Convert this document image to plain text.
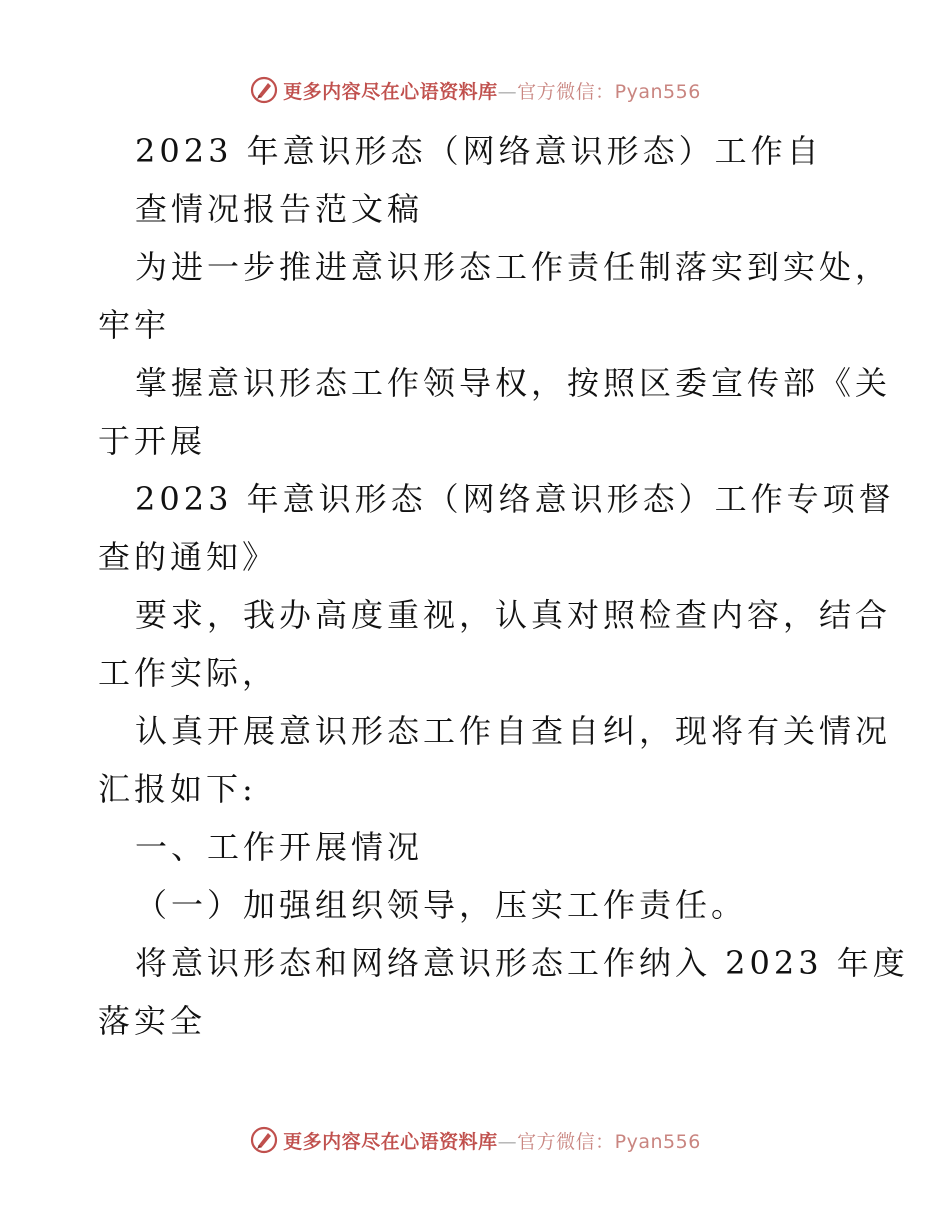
更多内容尽在心语资料库—官方微信：Pyan556
2023 年意识形态（网络意识形态）工作自
查情况报告范文稿
为进一步推进意识形态工作责任制落实到实处，
牢牢
掌握意识形态工作领导权，按照区委宣传部《关
于开展
2023 年意识形态（网络意识形态）工作专项督
查的通知》
要求，我办高度重视，认真对照检查内容，结合
工作实际，
认真开展意识形态工作自查自纠，现将有关情况
汇报如下:
一、工作开展情况
（一）加强组织领导，压实工作责任。
将意识形态和网络意识形态工作纳入 2023 年度
落实全
更多内容尽在心语资料库—官方微信：Pyan556
